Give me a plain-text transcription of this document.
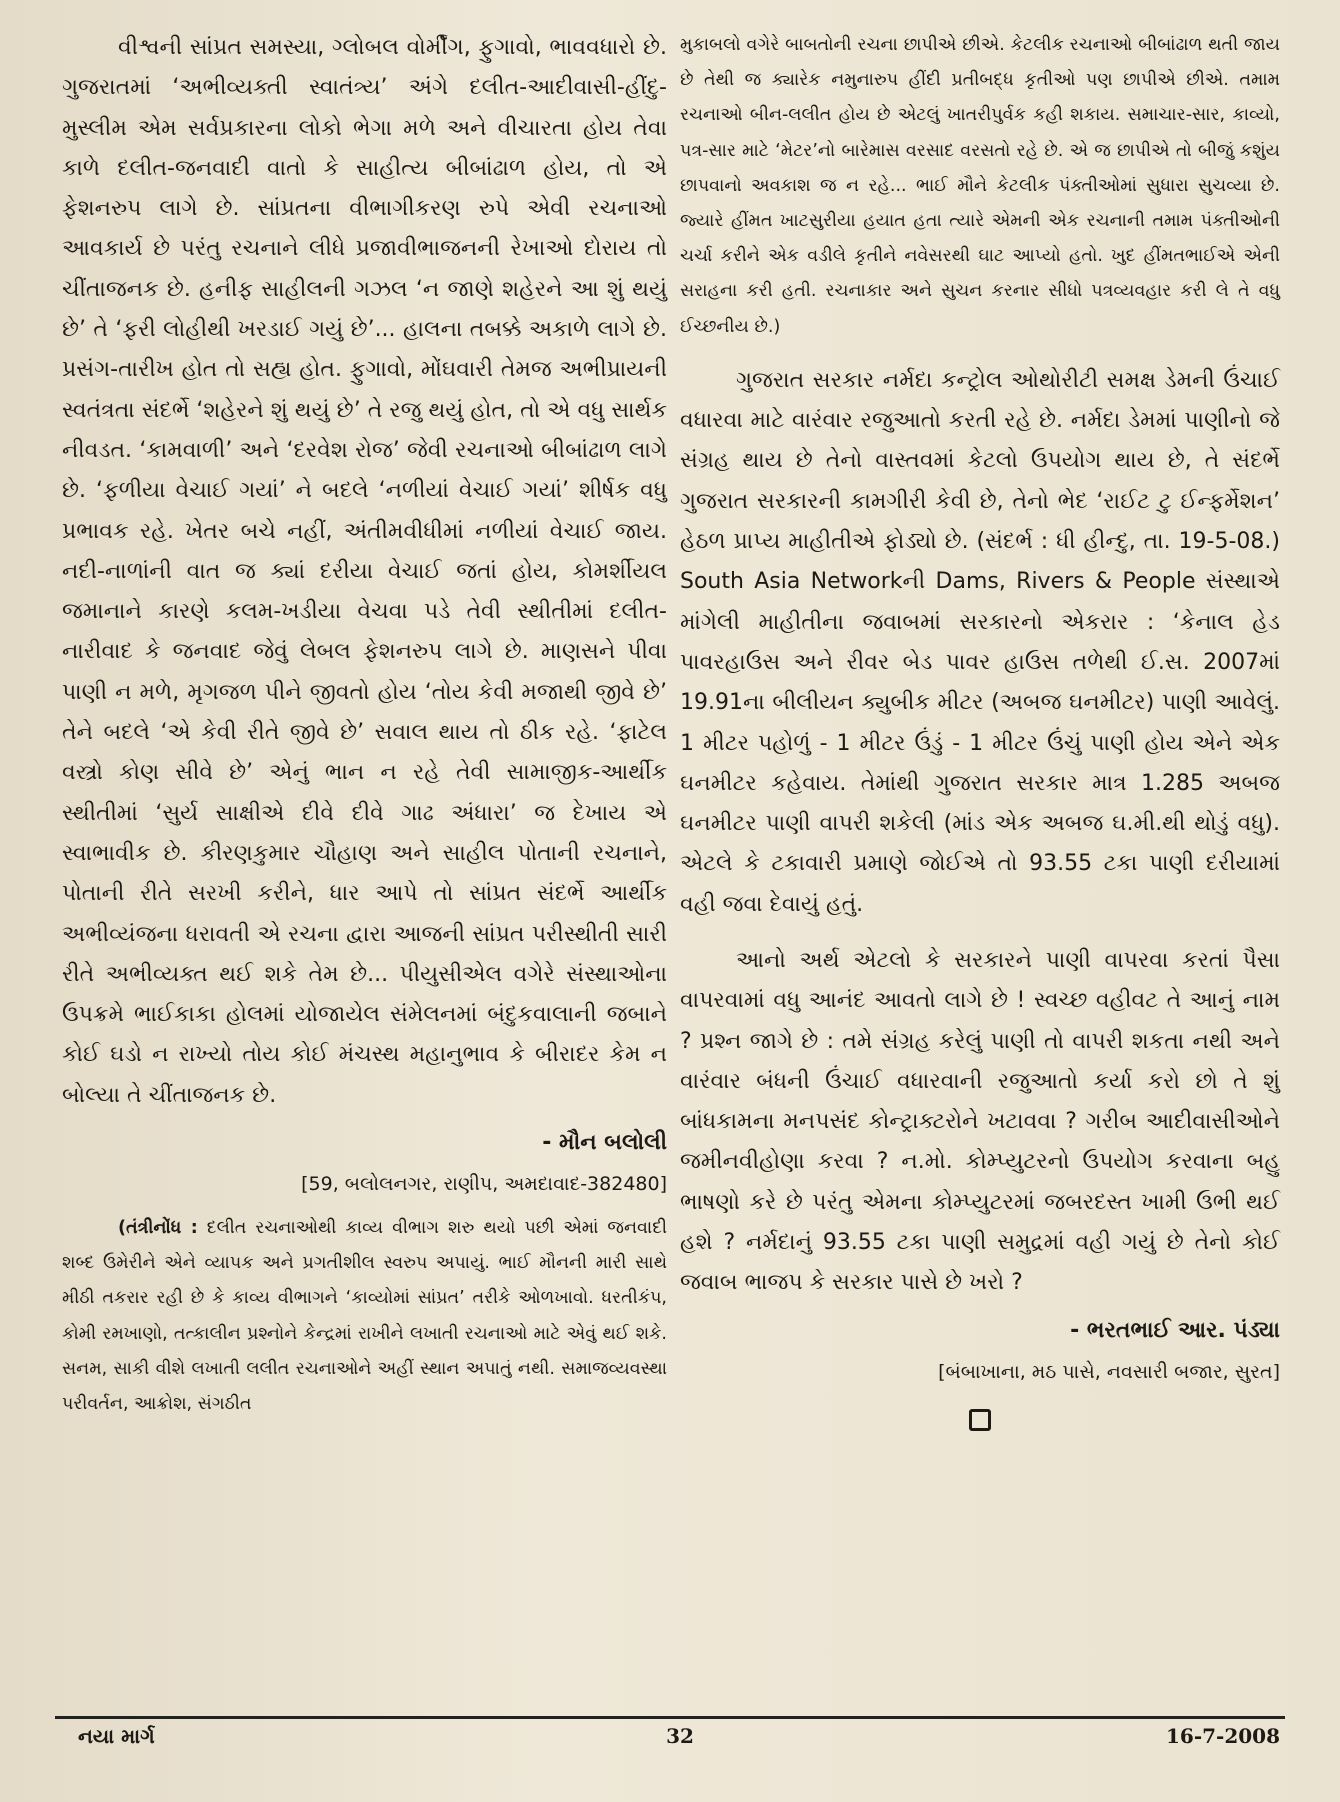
વીશ્વની સાંપ્રત સમસ્યા, ગ્લોબલ વોર્મીંગ, ફુગાવો, ભાવવધારો છે. ગુજરાતમાં ‘અભીવ્યક્તી સ્વાતંત્ર્ય’ અંગે દલીત-આદીવાસી-હીંદુ-મુસ્લીમ એમ સર્વપ્રકારના લોકો ભેગા મળે અને વીચારતા હોય તેવા કાળે દલીત-જનવાદી વાતો કે સાહીત્ય બીબાંઢાળ હોય, તો એ ફેશનરુપ લાગે છે. સાંપ્રતના વીભાગીકરણ રુપે એવી રચનાઓ આવકાર્ય છે પરંતુ રચનાને લીધે પ્રજાવીભાજનની રેખાઓ દોરાય તો ચીંતાજનક છે. હનીફ સાહીલની ગઝલ ‘ન જાણે શહેરને આ શું થયું છે’ તે ‘ફરી લોહીથી ખરડાઈ ગયું છે’... હાલના તબક્કે અકાળે લાગે છે. પ્રસંગ-તારીખ હોત તો સહ્ય હોત. ફુગાવો, મોંઘવારી તેમજ અભીપ્રાયની સ્વતંત્રતા સંદર્ભે ‘શહેરને શું થયું છે’ તે રજુ થયું હોત, તો એ વધુ સાર્થક નીવડત. ‘કામવાળી’ અને ‘દરવેશ રોજ’ જેવી રચનાઓ બીબાંઢાળ લાગે છે. ‘ફળીયા વેચાઈ ગયાં’ ને બદલે ‘નળીયાં વેચાઈ ગયાં’ શીર્ષક વધુ પ્રભાવક રહે. ખેતર બચે નહીં, અંતીમવીધીમાં નળીયાં વેચાઈ જાય. નદી-નાળાંની વાત જ ક્યાં દરીયા વેચાઈ જતાં હોય, કોમર્શીયલ જમાનાને કારણે કલમ-ખડીયા વેચવા પડે તેવી સ્થીતીમાં દલીત-નારીવાદ કે જનવાદ જેવું લેબલ ફેશનરુપ લાગે છે. માણસને પીવા પાણી ન મળે, મૃગજળ પીને જીવતો હોય ‘તોય કેવી મજાથી જીવે છે’ તેને બદલે ‘એ કેવી રીતે જીવે છે’ સવાલ થાય તો ઠીક રહે. ‘ફાટેલ વસ્ત્રો કોણ સીવે છે’ એનું ભાન ન રહે તેવી સામાજીક-આર્થીક સ્થીતીમાં ‘સુર્ય સાક્ષીએ દીવે દીવે ગાઢ અંધારા’ જ દેખાય એ સ્વાભાવીક છે. કીરણકુમાર ચૌહાણ અને સાહીલ પોતાની રચનાને, પોતાની રીતે સરખી કરીને, ધાર આપે તો સાંપ્રત સંદર્ભે આર્થીક અભીવ્યંજના ધરાવતી એ રચના દ્વારા આજની સાંપ્રત પરીસ્થીતી સારી રીતે અભીવ્યક્ત થઈ શકે તેમ છે... પીયુસીએલ વગેરે સંસ્થાઓના ઉપક્રમે ભાઈકાકા હોલમાં યોજાયેલ સંમેલનમાં બંદુકવાલાની જબાને કોઈ ઘડો ન રાખ્યો તોય કોઈ મંચસ્થ મહાનુભાવ કે બીરાદર કેમ ન બોલ્યા તે ચીંતાજનક છે.

- મૌન બલોલી
[59, બલોલનગર, રાણીપ, અમદાવાદ-382480]

(તંત્રીનોંધ : દલીત રચનાઓથી કાવ્ય વીભાગ શરુ થયો પછી એમાં જનવાદી શબ્દ ઉમેરીને એને વ્યાપક અને પ્રગતીશીલ સ્વરુપ અપાયું. ભાઈ મૌનની મારી સાથે મીઠી તકરાર રહી છે કે કાવ્ય વીભાગને ‘કાવ્યોમાં સાંપ્રત’ તરીકે ઓળખાવો. ધરતીકંપ, કોમી રમખાણો, તત્કાલીન પ્રશ્નોને કેન્દ્રમાં રાખીને લખાતી રચનાઓ માટે એવું થઈ શકે. સનમ, સાકી વીશે લખાતી લલીત રચનાઓને અહીં સ્થાન અપાતું નથી. સમાજવ્યવસ્થા પરીવર્તન, આક્રોશ, સંગઠીત

મુકાબલો વગેરે બાબતોની રચના છાપીએ છીએ. કેટલીક રચનાઓ બીબાંઢાળ થતી જાય છે તેથી જ ક્યારેક નમુનારુપ હીંદી પ્રતીબદ્ધ કૃતીઓ પણ છાપીએ છીએ. તમામ રચનાઓ બીન-લલીત હોય છે એટલું ખાતરીપુર્વક કહી શકાય. સમાચાર-સાર, કાવ્યો, પત્ર-સાર માટે ‘મેટર’નો બારેમાસ વરસાદ વરસતો રહે છે. એ જ છાપીએ તો બીજું કશુંય છાપવાનો અવકાશ જ ન રહે... ભાઈ મૌને કેટલીક પંક્તીઓમાં સુધારા સુચવ્યા છે. જ્યારે હીંમત ખાટસુરીયા હયાત હતા ત્યારે એમની એક રચનાની તમામ પંક્તીઓની ચર્ચા કરીને એક વડીલે કૃતીને નવેસરથી ઘાટ આપ્યો હતો. ખુદ હીંમતભાઈએ એની સરાહના કરી હતી. રચનાકાર અને સુચન કરનાર સીધો પત્રવ્યવહાર કરી લે તે વધુ ઈચ્છનીય છે.)

ગુજરાત સરકાર નર્મદા કન્ટ્રોલ ઓથોરીટી સમક્ષ ડેમની ઉંચાઈ વધારવા માટે વારંવાર રજુઆતો કરતી રહે છે. નર્મદા ડેમમાં પાણીનો જે સંગ્રહ થાય છે તેનો વાસ્તવમાં કેટલો ઉપયોગ થાય છે, તે સંદર્ભે ગુજરાત સરકારની કામગીરી કેવી છે, તેનો ભેદ ‘રાઈટ ટુ ઈન્ફર્મેશન’ હેઠળ પ્રાપ્ય માહીતીએ ફોડ્યો છે. (સંદર્ભ : ધી હીન્દુ, તા. 19-5-08.) South Asia Networkની Dams, Rivers & People સંસ્થાએ માંગેલી માહીતીના જવાબમાં સરકારનો એકરાર : ‘કેનાલ હેડ પાવરહાઉસ અને રીવર બેડ પાવર હાઉસ તળેથી ઈ.સ. 2007માં 19.91ના બીલીયન ક્યુબીક મીટર (અબજ ઘનમીટર) પાણી આવેલું. 1 મીટર પહોળું - 1 મીટર ઉંડું - 1 મીટર ઉંચું પાણી હોય એને એક ઘનમીટર કહેવાય. તેમાંથી ગુજરાત સરકાર માત્ર 1.285 અબજ ઘનમીટર પાણી વાપરી શકેલી (માંડ એક અબજ ઘ.મી.થી થોડું વધુ). એટલે કે ટકાવારી પ્રમાણે જોઈએ તો 93.55 ટકા પાણી દરીયામાં વહી જવા દેવાયું હતું.

આનો અર્થ એટલો કે સરકારને પાણી વાપરવા કરતાં પૈસા વાપરવામાં વધુ આનંદ આવતો લાગે છે ! સ્વચ્છ વહીવટ તે આનું નામ ? પ્રશ્ન જાગે છે : તમે સંગ્રહ કરેલું પાણી તો વાપરી શકતા નથી અને વારંવાર બંધની ઉંચાઈ વધારવાની રજુઆતો કર્યા કરો છો તે શું બાંધકામના મનપસંદ કોન્ટ્રાક્ટરોને ખટાવવા ? ગરીબ આદીવાસીઓને જમીનવીહોણા કરવા ? ન.મો. કોમ્પ્યુટરનો ઉપયોગ કરવાના બહુ ભાષણો કરે છે પરંતુ એમના કોમ્પ્યુટરમાં જબરદસ્ત ખામી ઉભી થઈ હશે ? નર્મદાનું 93.55 ટકા પાણી સમુદ્રમાં વહી ગયું છે તેનો કોઈ જવાબ ભાજપ કે સરકાર પાસે છે ખરો ?

- ભરતભાઈ આર. પંડ્યા
[બંબાખાના, મઠ પાસે, નવસારી બજાર, સુરત]
નયા માર્ગ	32	16-7-2008
